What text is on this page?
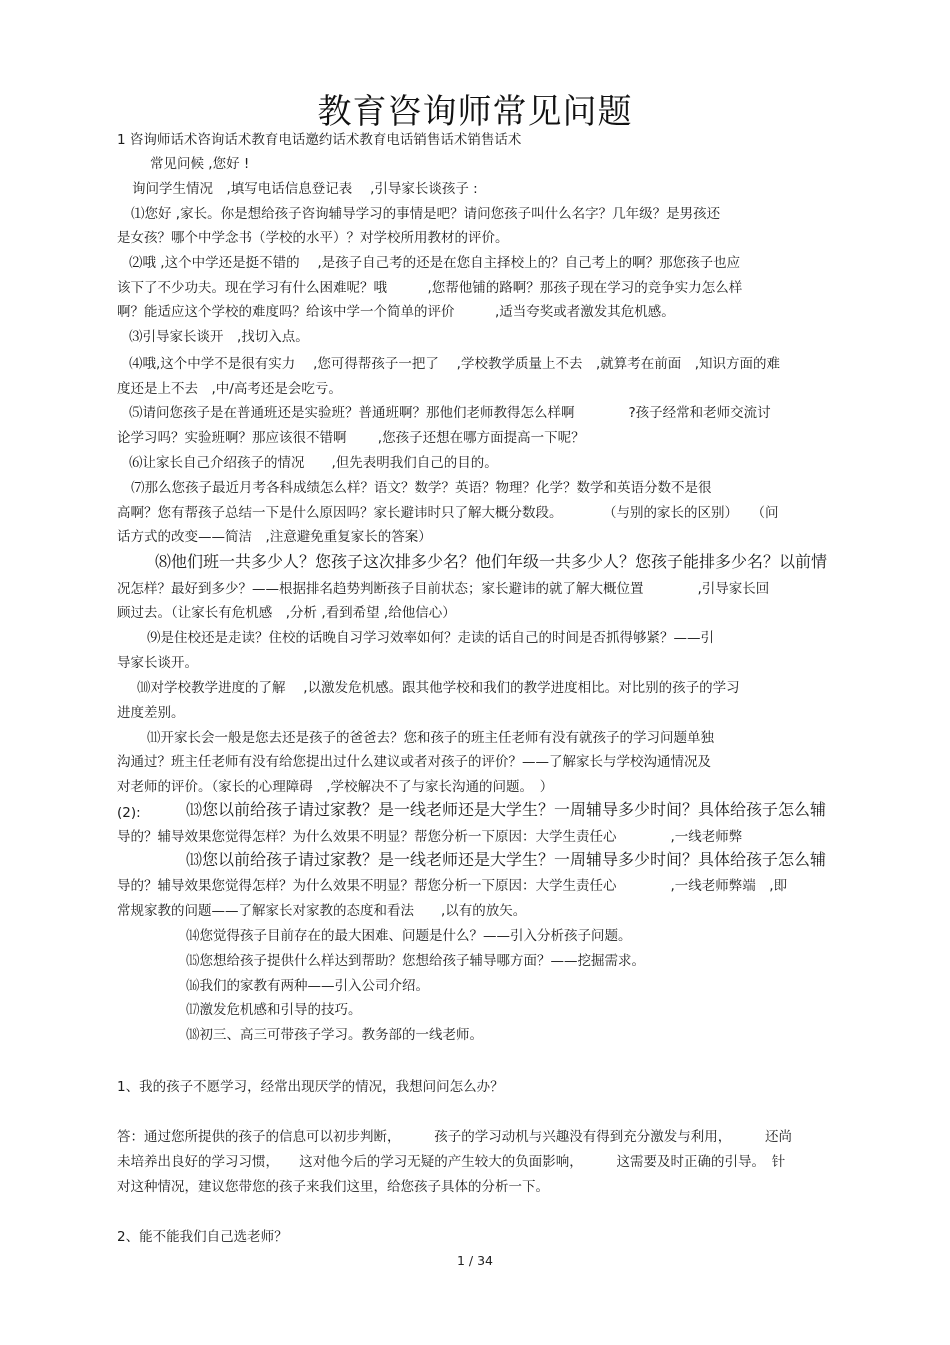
教育咨询师常见问题
1 咨询师话术咨询话术教育电话邀约话术教育电话销售话术销售话术
常见问候 ,您好 !
询问学生情况　,填写电话信息登记表　 ,引导家长谈孩子 :
⑴您好 ,家长。你是想给孩子咨询辅导学习的事情是吧？请问您孩子叫什么名字？几年级？是男孩还
是女孩？哪个中学念书（学校的水平）？对学校所用教材的评价。
⑵哦 ,这个中学还是挺不错的　 ,是孩子自己考的还是在您自主择校上的？自己考上的啊？那您孩子也应
该下了不少功夫。现在学习有什么困难呢？哦　　　,您帮他铺的路啊？那孩子现在学习的竞争实力怎么样
啊？能适应这个学校的难度吗？给该中学一个简单的评价　　　,适当夸奖或者激发其危机感。
⑶引导家长谈开　,找切入点。
⑷哦,这个中学不是很有实力　 ,您可得帮孩子一把了　 ,学校教学质量上不去　,就算考在前面　,知识方面的难
度还是上不去　,中/高考还是会吃亏。
⑸请问您孩子是在普通班还是实验班？普通班啊？那他们老师教得怎么样啊　　　　?孩子经常和老师交流讨
论学习吗？实验班啊？那应该很不错啊　　 ,您孩子还想在哪方面提高一下呢？
⑹让家长自己介绍孩子的情况　　,但先表明我们自己的目的。
⑺那么您孩子最近月考各科成绩怎么样？语文？数学？英语？物理？化学？数学和英语分数不是很
高啊？您有帮孩子总结一下是什么原因吗？家长避讳时只了解大概分数段。　　　　（与别的家长的区别）　　（问
话方式的改变——简洁　,注意避免重复家长的答案）
⑻他们班一共多少人？您孩子这次排多少名？他们年级一共多少人？您孩子能排多少名？以前情
况怎样？最好到多少？——根据排名趋势判断孩子目前状态；家长避讳的就了解大概位置　　　　,引导家长回
顾过去。（让家长有危机感　,分析 ,看到希望 ,给他信心）
⑼是住校还是走读？住校的话晚自习学习效率如何？走读的话自己的时间是否抓得够紧？——引
导家长谈开。
⑽对学校教学进度的了解　 ,以激发危机感。跟其他学校和我们的教学进度相比。对比别的孩子的学习
进度差别。
⑾开家长会一般是您去还是孩子的爸爸去？您和孩子的班主任老师有没有就孩子的学习问题单独
沟通过？班主任老师有没有给您提出过什么建议或者对孩子的评价？——了解家长与学校沟通情况及
对老师的评价。（家长的心理障碍　,学校解决不了与家长沟通的问题。　）
(2):	⒀您以前给孩子请过家教？是一线老师还是大学生？一周辅导多少时间？具体给孩子怎么辅
导的？辅导效果您觉得怎样？为什么效果不明显？帮您分析一下原因：大学生责任心　　　　,一线老师弊
⒀您以前给孩子请过家教？是一线老师还是大学生？一周辅导多少时间？具体给孩子怎么辅
导的？辅导效果您觉得怎样？为什么效果不明显？帮您分析一下原因：大学生责任心　　　　,一线老师弊端　,即
常规家教的问题——了解家长对家教的态度和看法　　,以有的放矢。
⒁您觉得孩子目前存在的最大困难、问题是什么？——引入分析孩子问题。
⒂您想给孩子提供什么样达到帮助？您想给孩子辅导哪方面？——挖掘需求。
⒃我们的家教有两种——引入公司介绍。
⒄激发危机感和引导的技巧。
⒅初三、高三可带孩子学习。教务部的一线老师。
1、我的孩子不愿学习，经常出现厌学的情况，我想问问怎么办？
答：通过您所提供的孩子的信息可以初步判断，　　　孩子的学习动机与兴趣没有得到充分激发与利用，　　　还尚
未培养出良好的学习习惯，　　这对他今后的学习无疑的产生较大的负面影响，　　　这需要及时正确的引导。　针
对这种情况，建议您带您的孩子来我们这里，给您孩子具体的分析一下。
2、能不能我们自己选老师？
1 / 34
